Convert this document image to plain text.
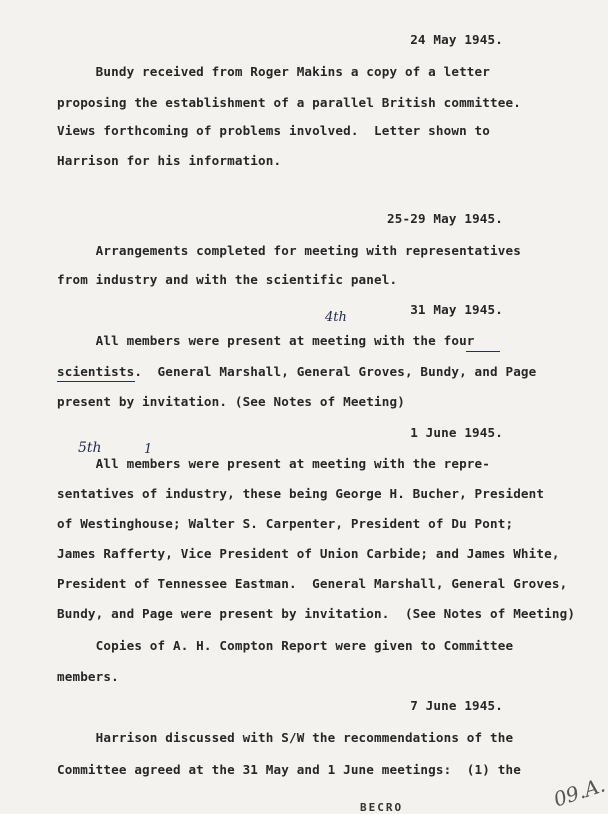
24 May 1945.
Bundy received from Roger Makins a copy of a letter
proposing the establishment of a parallel British committee.
Views forthcoming of problems involved.  Letter shown to
Harrison for his information.
25-29 May 1945.
Arrangements completed for meeting with representatives
from industry and with the scientific panel.
31 May 1945.
All members were present at meeting with the four
scientists.  General Marshall, General Groves, Bundy, and Page
present by invitation. (See Notes of Meeting)
4th
1 June 1945.
5th	1
All members were present at meeting with the repre-
sentatives of industry, these being George H. Bucher, President
of Westinghouse; Walter S. Carpenter, President of Du Pont;
James Rafferty, Vice President of Union Carbide; and James White,
President of Tennessee Eastman.  General Marshall, General Groves,
Bundy, and Page were present by invitation.  (See Notes of Meeting)
Copies of A. H. Compton Report were given to Committee
members.
7 June 1945.
Harrison discussed with S/W the recommendations of the
Committee agreed at the 31 May and 1 June meetings:  (1) the
09.A.
BECRO
